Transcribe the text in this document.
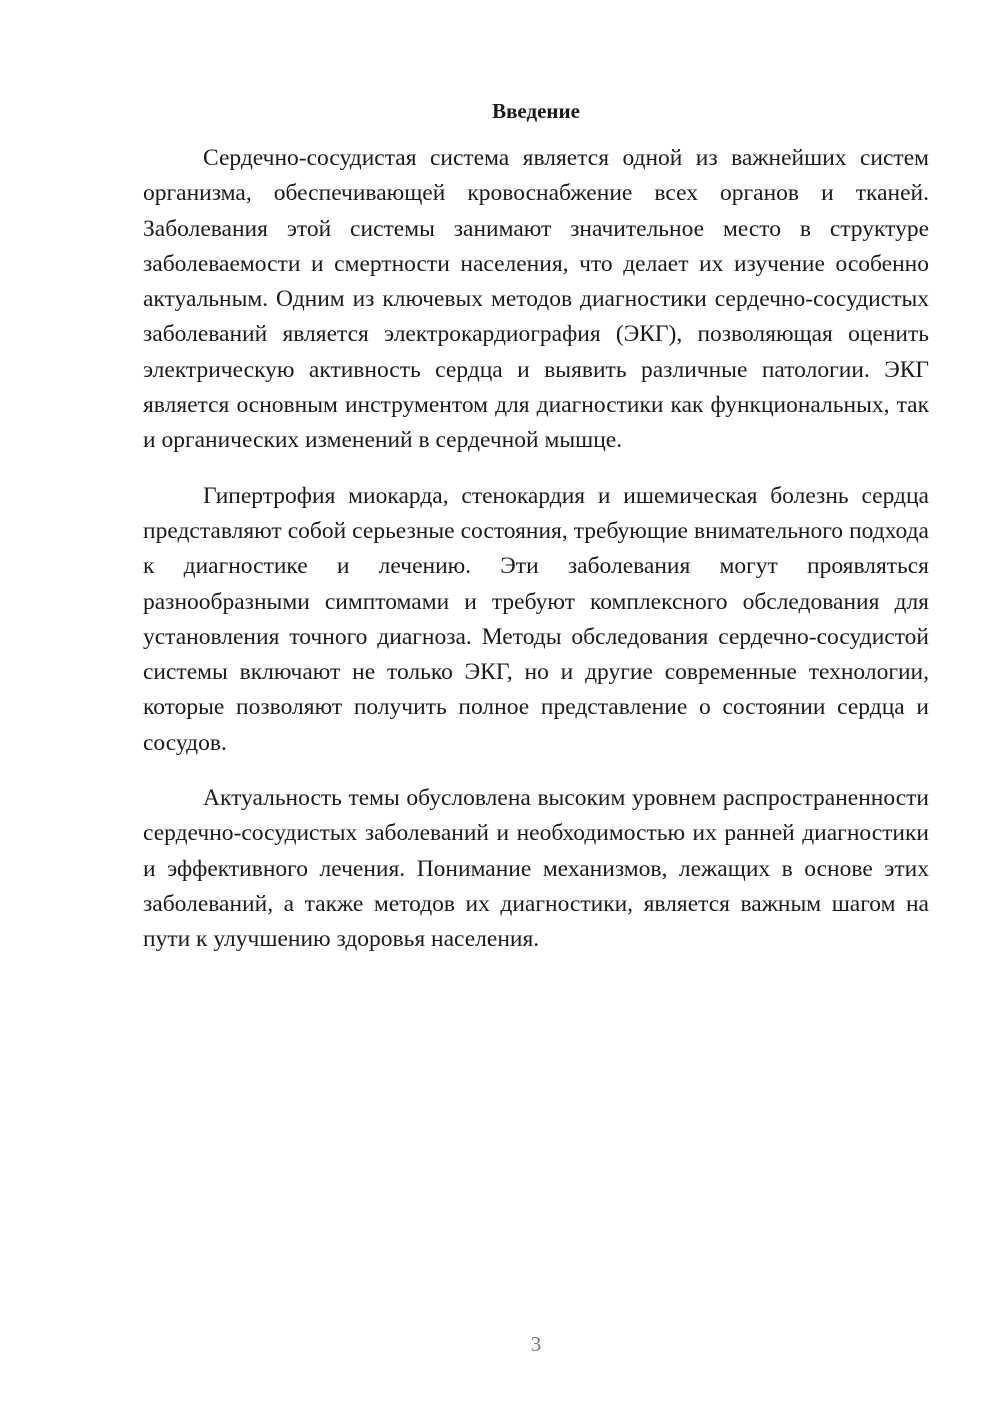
Введение

Сердечно-сосудистая система является одной из важнейших систем организма, обеспечивающей кровоснабжение всех органов и тканей. Заболевания этой системы занимают значительное место в структуре заболеваемости и смертности населения, что делает их изучение особенно актуальным. Одним из ключевых методов диагностики сердечно-сосудистых заболеваний является электрокардиография (ЭКГ), позволяющая оценить электрическую активность сердца и выявить различные патологии. ЭКГ является основным инструментом для диагностики как функциональных, так и органических изменений в сердечной мышце.

Гипертрофия миокарда, стенокардия и ишемическая болезнь сердца представляют собой серьезные состояния, требующие внимательного подхода к диагностике и лечению. Эти заболевания могут проявляться разнообразными симптомами и требуют комплексного обследования для установления точного диагноза. Методы обследования сердечно-сосудистой системы включают не только ЭКГ, но и другие современные технологии, которые позволяют получить полное представление о состоянии сердца и сосудов.

Актуальность темы обусловлена высоким уровнем распространенности сердечно-сосудистых заболеваний и необходимостью их ранней диагностики и эффективного лечения. Понимание механизмов, лежащих в основе этих заболеваний, а также методов их диагностики, является важным шагом на пути к улучшению здоровья населения.

3
